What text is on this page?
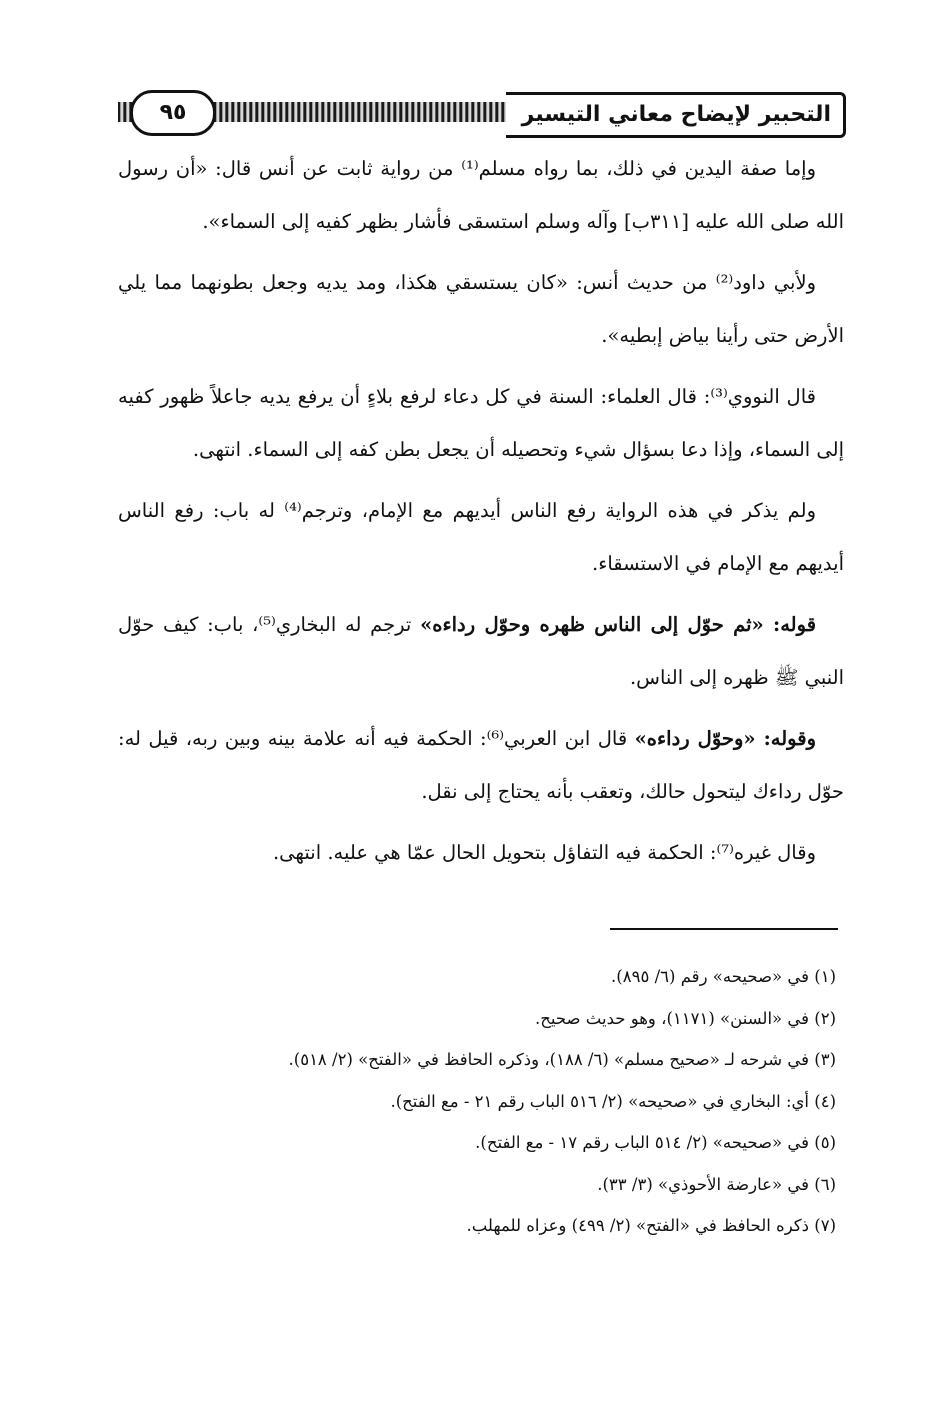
التحبير لإيضاح معاني التيسير
٩٥

وإما صفة اليدين في ذلك، بما رواه مسلم⁽¹⁾ من رواية ثابت عن أنس قال: «أن رسول الله صلى الله عليه [٣١١ب] وآله وسلم استسقى فأشار بظهر كفيه إلى السماء».

ولأبي داود⁽²⁾ من حديث أنس: «كان يستسقي هكذا، ومد يديه وجعل بطونهما مما يلي الأرض حتى رأينا بياض إبطيه».

قال النووي⁽³⁾: قال العلماء: السنة في كل دعاء لرفع بلاءٍ أن يرفع يديه جاعلاً ظهور كفيه إلى السماء، وإذا دعا بسؤال شيء وتحصيله أن يجعل بطن كفه إلى السماء. انتهى.

ولم يذكر في هذه الرواية رفع الناس أيديهم مع الإمام، وترجم⁽⁴⁾ له باب: رفع الناس أيديهم مع الإمام في الاستسقاء.

قوله: «ثم حوّل إلى الناس ظهره وحوّل رداءه» ترجم له البخاري⁽⁵⁾، باب: كيف حوّل النبي ﷺ ظهره إلى الناس.

وقوله: «وحوّل رداءه» قال ابن العربي⁽⁶⁾: الحكمة فيه أنه علامة بينه وبين ربه، قيل له: حوّل رداءك ليتحول حالك، وتعقب بأنه يحتاج إلى نقل.

وقال غيره⁽⁷⁾: الحكمة فيه التفاؤل بتحويل الحال عمّا هي عليه. انتهى.

(١) في «صحيحه» رقم (٦/ ٨٩٥).

(٢) في «السنن» (١١٧١)، وهو حديث صحيح.

(٣) في شرحه لـ «صحيح مسلم» (٦/ ١٨٨)، وذكره الحافظ في «الفتح» (٢/ ٥١٨).

(٤) أي: البخاري في «صحيحه» (٢/ ٥١٦ الباب رقم ٢١ - مع الفتح).

(٥) في «صحيحه» (٢/ ٥١٤ الباب رقم ١٧ - مع الفتح).

(٦) في «عارضة الأحوذي» (٣/ ٣٣).

(٧) ذكره الحافظ في «الفتح» (٢/ ٤٩٩) وعزاه للمهلب.
